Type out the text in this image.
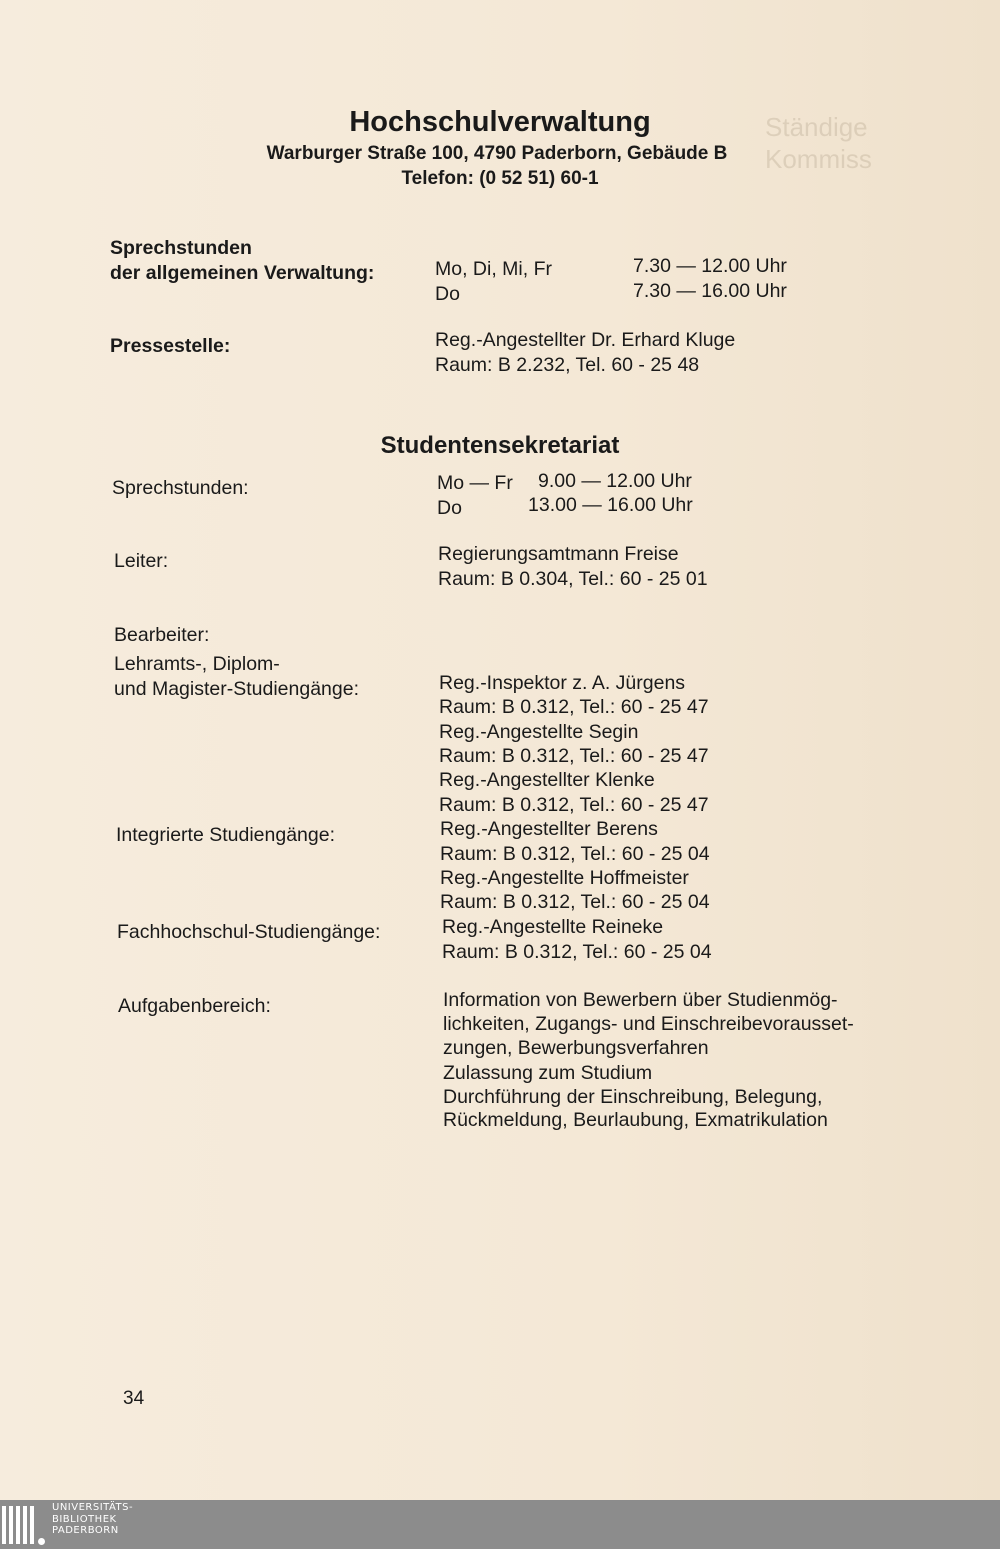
Ständige
Kommiss
Hochschulverwaltung
Warburger Straße 100, 4790 Paderborn, Gebäude B
Telefon: (0 52 51) 60-1
Sprechstunden
der allgemeinen Verwaltung:	Mo, Di, Mi, Fr	7.30 — 12.00 Uhr
Do	7.30 — 16.00 Uhr
Pressestelle:	Reg.-Angestellter Dr. Erhard Kluge
Raum: B 2.232, Tel. 60 - 25 48
Studentensekretariat
Sprechstunden:	Mo — Fr 9.00 — 12.00 Uhr
Do	13.00 — 16.00 Uhr
Leiter:	Regierungsamtmann Freise
Raum: B 0.304, Tel.: 60 - 25 01
Bearbeiter:
Lehramts-, Diplom-
und Magister-Studiengänge:	Reg.-Inspektor z. A. Jürgens
Raum: B 0.312, Tel.: 60 - 25 47
Reg.-Angestellte Segin
Raum: B 0.312, Tel.: 60 - 25 47
Reg.-Angestellter Klenke
Raum: B 0.312, Tel.: 60 - 25 47
Integrierte Studiengänge:	Reg.-Angestellter Berens
Raum: B 0.312, Tel.: 60 - 25 04
Reg.-Angestellte Hoffmeister
Raum: B 0.312, Tel.: 60 - 25 04
Fachhochschul-Studiengänge:	Reg.-Angestellte Reineke
Raum: B 0.312, Tel.: 60 - 25 04
Aufgabenbereich:	Information von Bewerbern über Studienmög-
lichkeiten, Zugangs- und Einschreibevorausset-
zungen, Bewerbungsverfahren
Zulassung zum Studium
Durchführung der Einschreibung, Belegung,
Rückmeldung, Beurlaubung, Exmatrikulation
34
UNIVERSITÄTS-
BIBLIOTHEK
PADERBORN
